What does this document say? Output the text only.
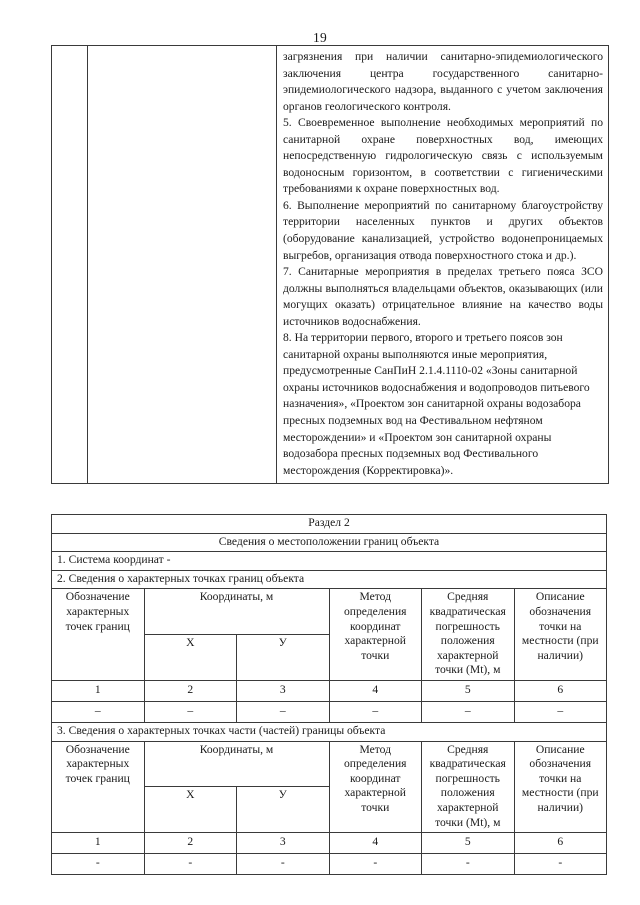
19

загрязнения при наличии санитарно-эпидемиологического заключения центра государственного санитарно-эпидемиологического надзора, выданного с учетом заключения органов геологического контроля.

5. Своевременное выполнение необходимых мероприятий по санитарной охране поверхностных вод, имеющих непосредственную гидрологическую связь с используемым водоносным горизонтом, в соответствии с гигиеническими требованиями к охране поверхностных вод.

6. Выполнение мероприятий по санитарному благоустройству территории населенных пунктов и других объектов (оборудование канализацией, устройство водонепроницаемых выгребов, организация отвода поверхностного стока и др.).

7. Санитарные мероприятия в пределах третьего пояса ЗСО должны выполняться владельцами объектов, оказывающих (или могущих оказать) отрицательное влияние на качество воды источников водоснабжения.

8. На территории первого, второго и третьего поясов зон санитарной охраны выполняются иные мероприятия, предусмотренные СанПиН 2.1.4.1110-02 «Зоны санитарной охраны источников водоснабжения и водопроводов питьевого назначения», «Проектом зон санитарной охраны водозабора пресных подземных вод на Фестивальном нефтяном месторождении» и «Проектом зон санитарной охраны водозабора пресных подземных вод Фестивального месторождения (Корректировка)».

Раздел 2					
Сведения о местоположении границ объекта					
1. Система координат -					
2. Сведения о характерных точках границ объекта					
Обозначение характерных точек границ	Координаты, м		Метод определения координат характерной точки	Средняя квадратическая погрешность положения характерной точки (Mt), м	Описание обозначения точки на местности (при наличии)
	X	У			
1	2	3	4	5	6
–	–	–	–	–	–
3. Сведения о характерных точках части (частей) границы объекта					
Обозначение характерных точек границ	Координаты, м		Метод определения координат характерной точки	Средняя квадратическая погрешность положения характерной точки (Mt), м	Описание обозначения точки на местности (при наличии)
	X	У			
1	2	3	4	5	6
-	-	-	-	-	-
